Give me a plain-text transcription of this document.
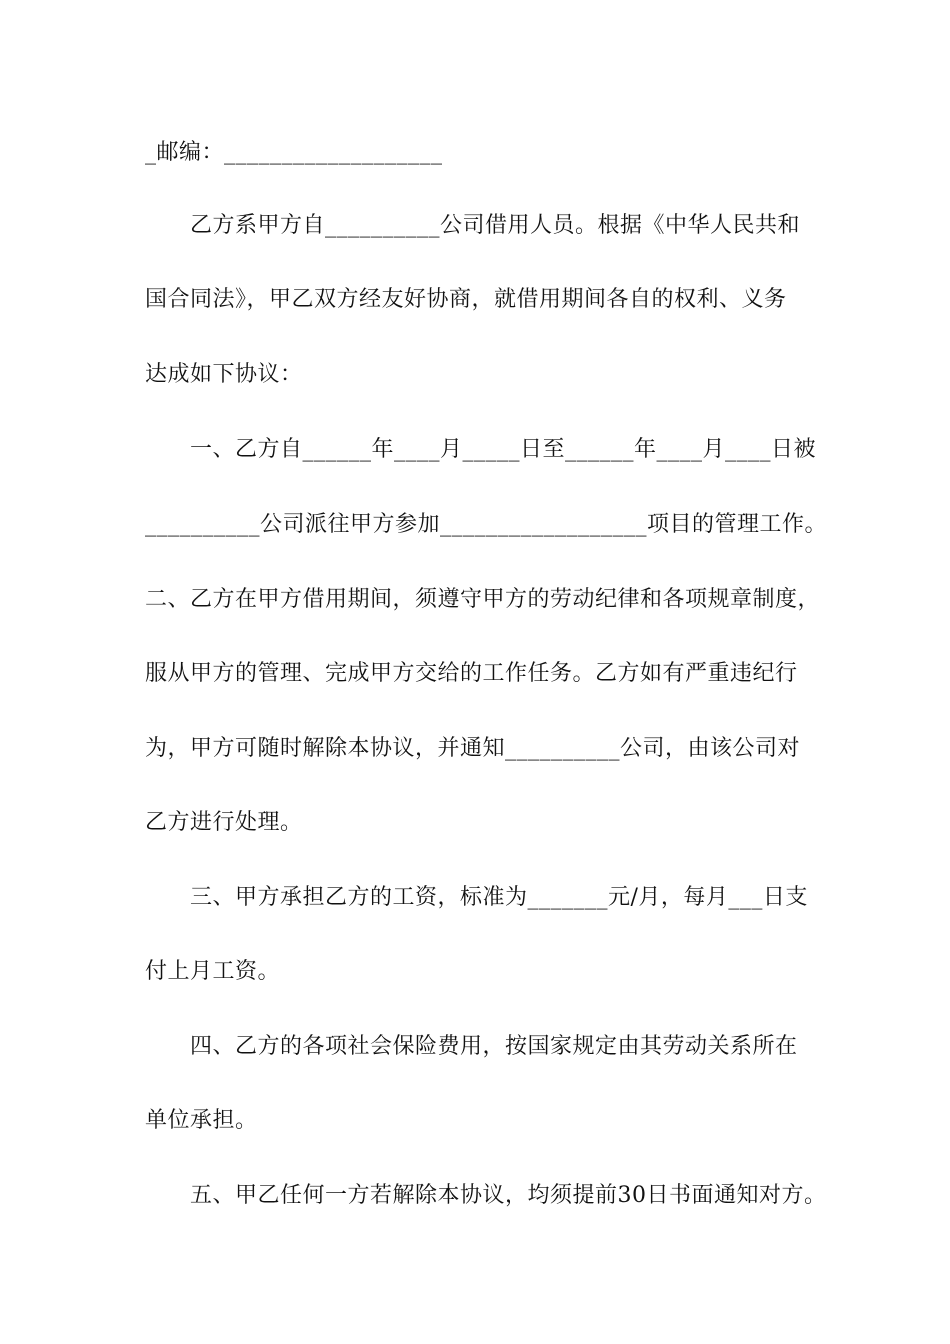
_邮编：___________________
乙方系甲方自__________公司借用人员。根据《中华人民共和
国合同法》，甲乙双方经友好协商，就借用期间各自的权利、义务
达成如下协议：
一、乙方自______年____月_____日至______年____月____日被
__________公司派往甲方参加__________________项目的管理工作。
二、乙方在甲方借用期间，须遵守甲方的劳动纪律和各项规章制度，
服从甲方的管理、完成甲方交给的工作任务。乙方如有严重违纪行
为，甲方可随时解除本协议，并通知__________公司，由该公司对
乙方进行处理。
三、甲方承担乙方的工资，标准为_______元/月，每月___日支
付上月工资。
四、乙方的各项社会保险费用，按国家规定由其劳动关系所在
单位承担。
五、甲乙任何一方若解除本协议，均须提前30日书面通知对方。
